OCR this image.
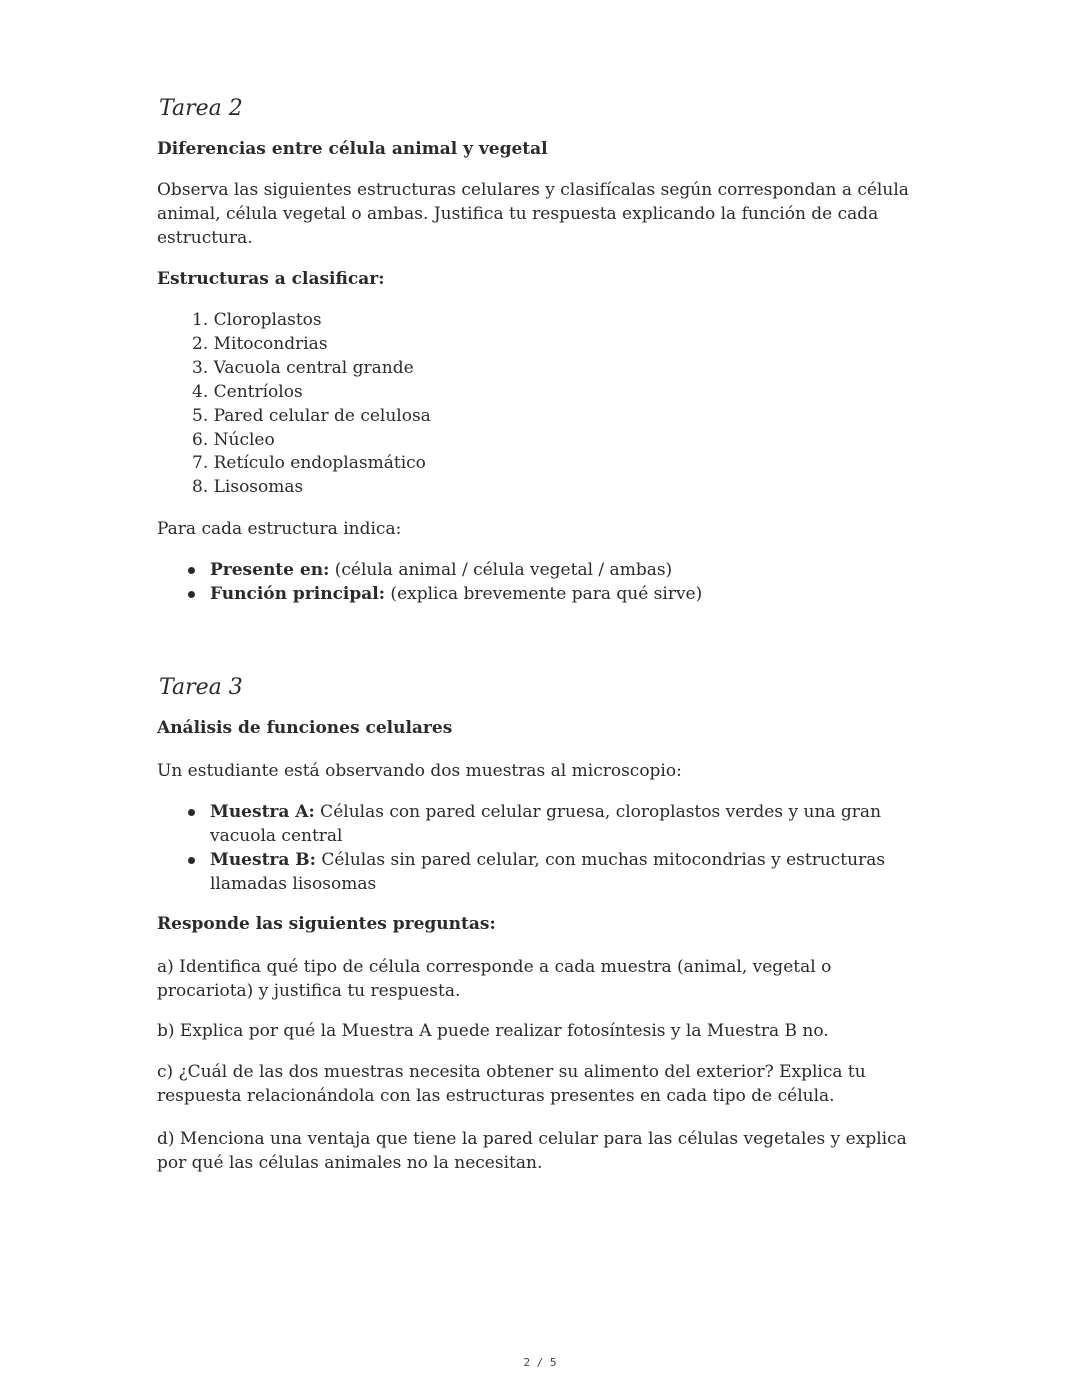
Tarea 2
Diferencias entre célula animal y vegetal

Observa las siguientes estructuras celulares y clasifícalas según correspondan a célula animal, célula vegetal o ambas. Justifica tu respuesta explicando la función de cada estructura.

Estructuras a clasificar:

1. Cloroplastos
2. Mitocondrias
3. Vacuola central grande
4. Centríolos
5. Pared celular de celulosa
6. Núcleo
7. Retículo endoplasmático
8. Lisosomas

Para cada estructura indica:

Presente en: (célula animal / célula vegetal / ambas)
Función principal: (explica brevemente para qué sirve)
Tarea 3
Análisis de funciones celulares

Un estudiante está observando dos muestras al microscopio:

Muestra A: Células con pared celular gruesa, cloroplastos verdes y una gran vacuola central
Muestra B: Células sin pared celular, con muchas mitocondrias y estructuras llamadas lisosomas

Responde las siguientes preguntas:

a) Identifica qué tipo de célula corresponde a cada muestra (animal, vegetal o procariota) y justifica tu respuesta.

b) Explica por qué la Muestra A puede realizar fotosíntesis y la Muestra B no.

c) ¿Cuál de las dos muestras necesita obtener su alimento del exterior? Explica tu respuesta relacionándola con las estructuras presentes en cada tipo de célula.

d) Menciona una ventaja que tiene la pared celular para las células vegetales y explica por qué las células animales no la necesitan.

2 / 5
